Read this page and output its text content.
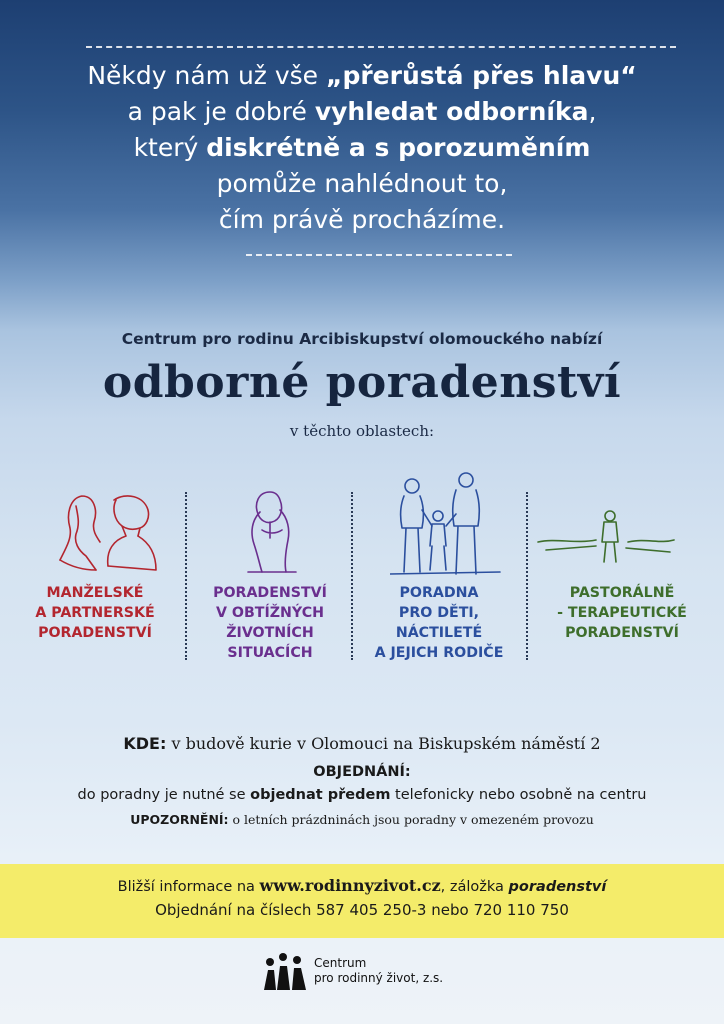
Někdy nám už vše „přerůstá přes hlavu“
a pak je dobré vyhledat odborníka,
který diskrétně a s porozuměním
pomůže nahlédnout to,
čím právě procházíme.
Centrum pro rodinu Arcibiskupství olomouckého nabízí
odborné poradenství
v těchto oblastech:
MANŽELSKÉ
A PARTNERSKÉ
PORADENSTVÍ
PORADENSTVÍ
V OBTÍŽNÝCH
ŽIVOTNÍCH
SITUACÍCH
PORADNA
PRO DĚTI,
NÁCTILETÉ
A JEJICH RODIČE
PASTORÁLNĚ
- TERAPEUTICKÉ
PORADENSTVÍ
KDE: v budově kurie v Olomouci na Biskupském náměstí 2
OBJEDNÁNÍ:
do poradny je nutné se objednat předem telefonicky nebo osobně na centru
UPOZORNĚNÍ: o letních prázdninách jsou poradny v omezeném provozu
Bližší informace na www.rodinnyzivot.cz, záložka poradenství
Objednání na číslech 587 405 250-3 nebo 720 110 750
Centrum
pro rodinný život, z.s.
